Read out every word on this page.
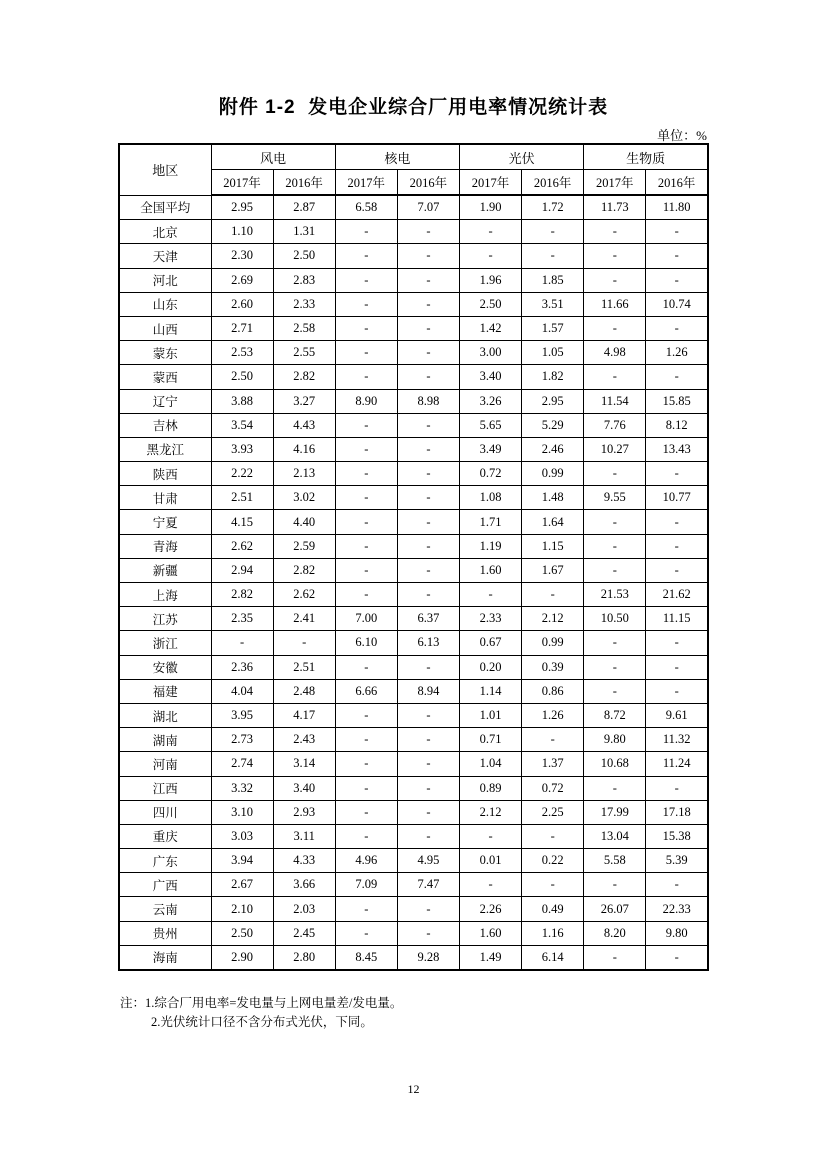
附件 1-2  发电企业综合厂用电率情况统计表
单位：%
地区	风电		核电		光伏		生物质	
	2017年	2016年	2017年	2016年	2017年	2016年	2017年	2016年
全国平均	2.95	2.87	6.58	7.07	1.90	1.72	11.73	11.80
北京	1.10	1.31	-	-	-	-	-	-
天津	2.30	2.50	-	-	-	-	-	-
河北	2.69	2.83	-	-	1.96	1.85	-	-
山东	2.60	2.33	-	-	2.50	3.51	11.66	10.74
山西	2.71	2.58	-	-	1.42	1.57	-	-
蒙东	2.53	2.55	-	-	3.00	1.05	4.98	1.26
蒙西	2.50	2.82	-	-	3.40	1.82	-	-
辽宁	3.88	3.27	8.90	8.98	3.26	2.95	11.54	15.85
吉林	3.54	4.43	-	-	5.65	5.29	7.76	8.12
黑龙江	3.93	4.16	-	-	3.49	2.46	10.27	13.43
陕西	2.22	2.13	-	-	0.72	0.99	-	-
甘肃	2.51	3.02	-	-	1.08	1.48	9.55	10.77
宁夏	4.15	4.40	-	-	1.71	1.64	-	-
青海	2.62	2.59	-	-	1.19	1.15	-	-
新疆	2.94	2.82	-	-	1.60	1.67	-	-
上海	2.82	2.62	-	-	-	-	21.53	21.62
江苏	2.35	2.41	7.00	6.37	2.33	2.12	10.50	11.15
浙江	-	-	6.10	6.13	0.67	0.99	-	-
安徽	2.36	2.51	-	-	0.20	0.39	-	-
福建	4.04	2.48	6.66	8.94	1.14	0.86	-	-
湖北	3.95	4.17	-	-	1.01	1.26	8.72	9.61
湖南	2.73	2.43	-	-	0.71	-	9.80	11.32
河南	2.74	3.14	-	-	1.04	1.37	10.68	11.24
江西	3.32	3.40	-	-	0.89	0.72	-	-
四川	3.10	2.93	-	-	2.12	2.25	17.99	17.18
重庆	3.03	3.11	-	-	-	-	13.04	15.38
广东	3.94	4.33	4.96	4.95	0.01	0.22	5.58	5.39
广西	2.67	3.66	7.09	7.47	-	-	-	-
云南	2.10	2.03	-	-	2.26	0.49	26.07	22.33
贵州	2.50	2.45	-	-	1.60	1.16	8.20	9.80
海南	2.90	2.80	8.45	9.28	1.49	6.14	-	-
注：1.综合厂用电率=发电量与上网电量差/发电量。
2.光伏统计口径不含分布式光伏，下同。
12
